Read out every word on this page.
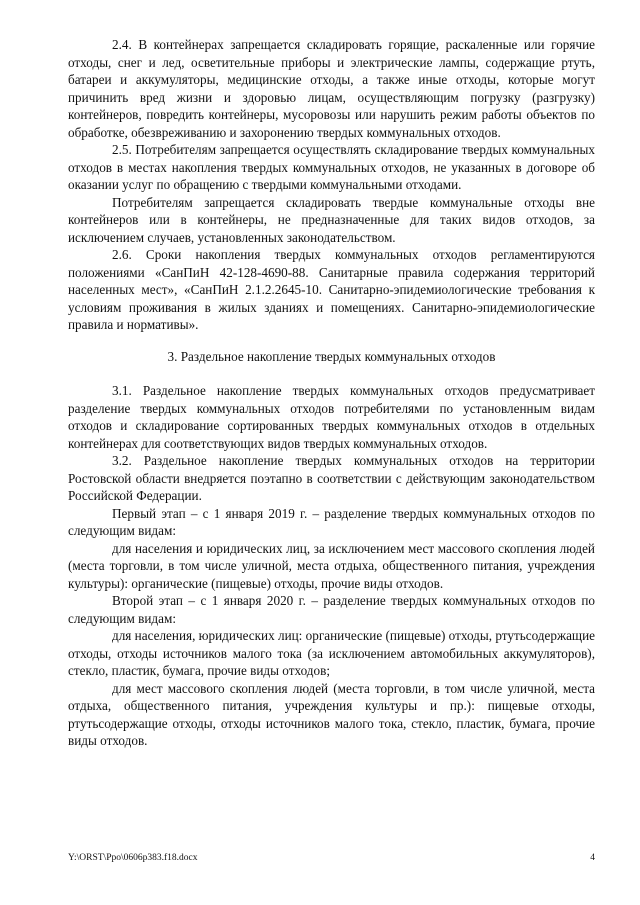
2.4. В контейнерах запрещается складировать горящие, раскаленные или горячие отходы, снег и лед, осветительные приборы и электрические лампы, содержащие ртуть, батареи и аккумуляторы, медицинские отходы, а также иные отходы, которые могут причинить вред жизни и здоровью лицам, осуществляющим погрузку (разгрузку) контейнеров, повредить контейнеры, мусоровозы или нарушить режим работы объектов по обработке, обезвреживанию и захоронению твердых коммунальных отходов.

2.5. Потребителям запрещается осуществлять складирование твердых коммунальных отходов в местах накопления твердых коммунальных отходов, не указанных в договоре об оказании услуг по обращению с твердыми коммунальными отходами.

Потребителям запрещается складировать твердые коммунальные отходы вне контейнеров или в контейнеры, не предназначенные для таких видов отходов, за исключением случаев, установленных законодательством.

2.6. Сроки накопления твердых коммунальных отходов регламентируются положениями «СанПиН 42-128-4690-88. Санитарные правила содержания территорий населенных мест», «СанПиН 2.1.2.2645-10. Санитарно-эпидемиологические требования к условиям проживания в жилых зданиях и помещениях. Санитарно-эпидемиологические правила и нормативы».

3. Раздельное накопление твердых коммунальных отходов

3.1. Раздельное накопление твердых коммунальных отходов предусматривает разделение твердых коммунальных отходов потребителями по установленным видам отходов и складирование сортированных твердых коммунальных отходов в отдельных контейнерах для соответствующих видов твердых коммунальных отходов.

3.2. Раздельное накопление твердых коммунальных отходов на территории Ростовской области внедряется поэтапно в соответствии с действующим законодательством Российской Федерации.

Первый этап – с 1 января 2019 г. – разделение твердых коммунальных отходов по следующим видам:

для населения и юридических лиц, за исключением мест массового скопления людей (места торговли, в том числе уличной, места отдыха, общественного питания, учреждения культуры): органические (пищевые) отходы, прочие виды отходов.

Второй этап – с 1 января 2020 г. – разделение твердых коммунальных отходов по следующим видам:

для населения, юридических лиц: органические (пищевые) отходы, ртутьсодержащие отходы, отходы источников малого тока (за исключением автомобильных аккумуляторов), стекло, пластик, бумага, прочие виды отходов;

для мест массового скопления людей (места торговли, в том числе уличной, места отдыха, общественного питания, учреждения культуры и пр.): пищевые отходы, ртутьсодержащие отходы, отходы источников малого тока, стекло, пластик, бумага, прочие виды отходов.

Y:\ORST\Ppo\0606p383.f18.docx	4
